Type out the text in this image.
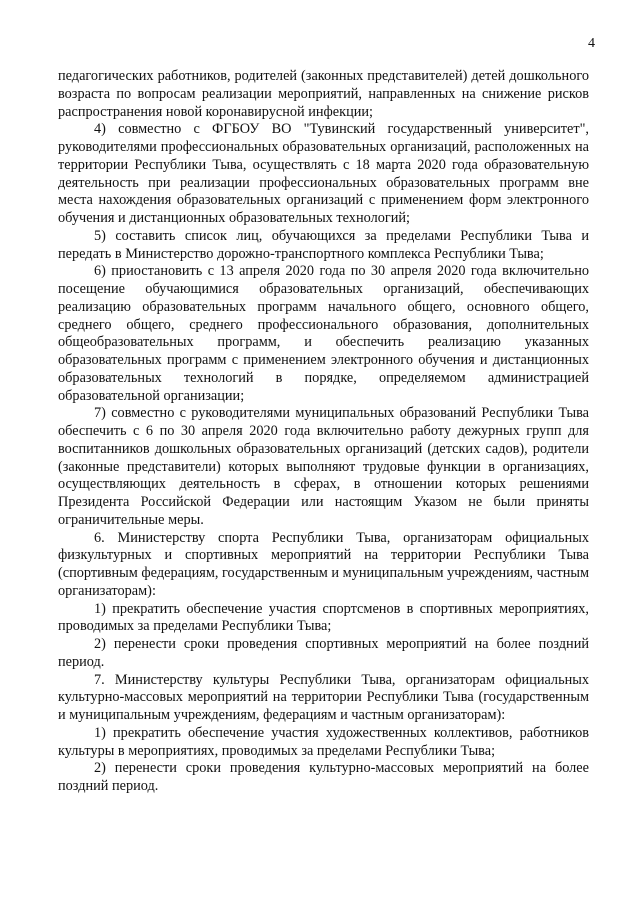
4

педагогических работников, родителей (законных представителей) детей дошкольного возраста по вопросам реализации мероприятий, направленных на снижение рисков распространения новой коронавирусной инфекции;

4) совместно с ФГБОУ ВО "Тувинский государственный университет", руководителями профессиональных образовательных организаций, расположенных на территории Республики Тыва, осуществлять с 18 марта 2020 года образовательную деятельность при реализации профессиональных образовательных программ вне места нахождения образовательных организаций с применением форм электронного обучения и дистанционных образовательных технологий;

5) составить список лиц, обучающихся за пределами Республики Тыва и передать в Министерство дорожно-транспортного комплекса Республики Тыва;

6) приостановить с 13 апреля 2020 года по 30 апреля 2020 года включительно посещение обучающимися образовательных организаций, обеспечивающих реализацию образовательных программ начального общего, основного общего, среднего общего, среднего профессионального образования, дополнительных общеобразовательных программ, и обеспечить реализацию указанных образовательных программ с применением электронного обучения и дистанционных образовательных технологий в порядке, определяемом администрацией образовательной организации;

7) совместно с руководителями муниципальных образований Республики Тыва обеспечить с 6 по 30 апреля 2020 года включительно работу дежурных групп для воспитанников дошкольных образовательных организаций (детских садов), родители (законные представители) которых выполняют трудовые функции в организациях, осуществляющих деятельность в сферах, в отношении которых решениями Президента Российской Федерации или настоящим Указом не были приняты ограничительные меры.

6. Министерству спорта Республики Тыва, организаторам официальных физкультурных и спортивных мероприятий на территории Республики Тыва (спортивным федерациям, государственным и муниципальным учреждениям, частным организаторам):

1) прекратить обеспечение участия спортсменов в спортивных мероприятиях, проводимых за пределами Республики Тыва;

2) перенести сроки проведения спортивных мероприятий на более поздний период.

7. Министерству культуры Республики Тыва, организаторам официальных культурно-массовых мероприятий на территории Республики Тыва (государственным и муниципальным учреждениям, федерациям и частным организаторам):

1) прекратить обеспечение участия художественных коллективов, работников культуры в мероприятиях, проводимых за пределами Республики Тыва;

2) перенести сроки проведения культурно-массовых мероприятий на более поздний период.
